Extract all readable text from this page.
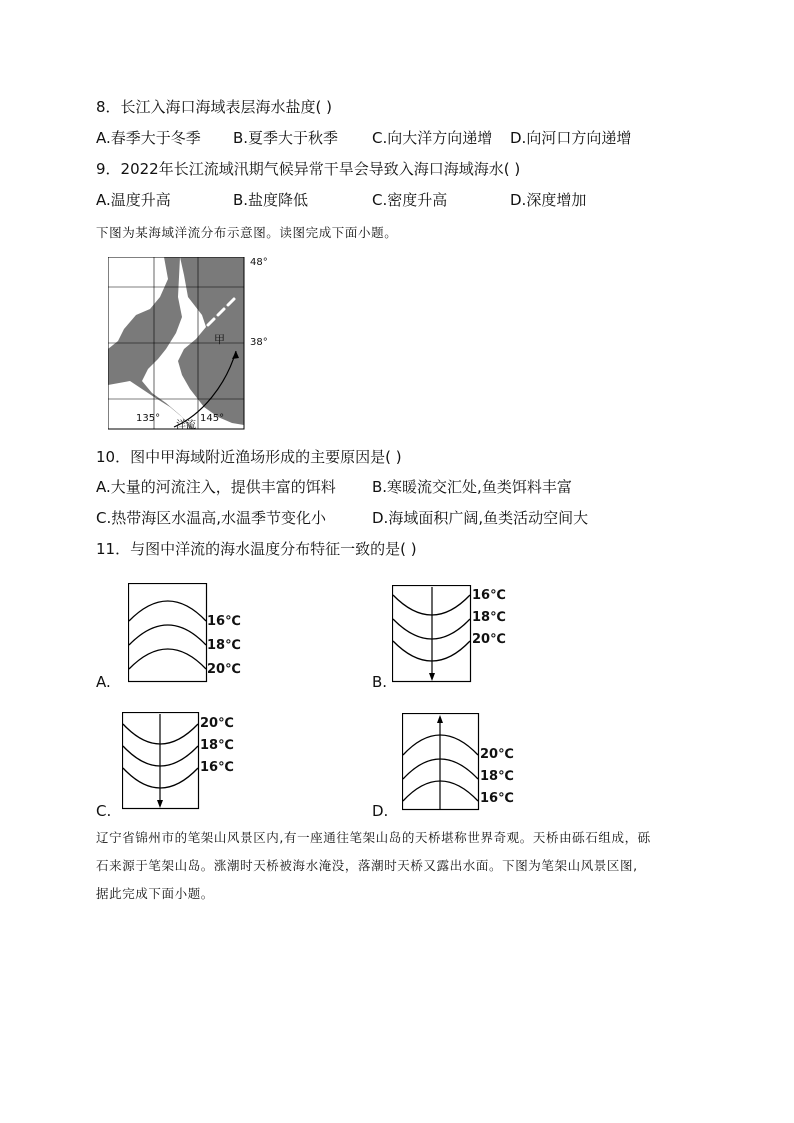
8．长江入海口海域表层海水盐度( )
A.春季大于冬季 B.夏季大于秋季 C.向大洋方向递增 D.向河口方向递增
9．2022年长江流域汛期气候异常干旱会导致入海口海域海水( )
A.温度升高	B.盐度降低	C.密度升高	D.深度增加
下图为某海域洋流分布示意图。读图完成下面小题。
48°
38°
135°	145°
甲
洋流
10．图中甲海域附近渔场形成的主要原因是( )
A.大量的河流注入，提供丰富的饵料 B.寒暖流交汇处,鱼类饵料丰富
C.热带海区水温高,水温季节变化小	D.海域面积广阔,鱼类活动空间大
11．与图中洋流的海水温度分布特征一致的是( )
A.
16℃
18℃
20℃
B.
16℃
18℃
20℃
C.
20℃
18℃
16℃
D.
20℃
18℃
16℃
辽宁省锦州市的笔架山风景区内,有一座通往笔架山岛的天桥堪称世界奇观。天桥由砾石组成，砾
石来源于笔架山岛。涨潮时天桥被海水淹没，落潮时天桥又露出水面。下图为笔架山风景区图,
据此完成下面小题。
